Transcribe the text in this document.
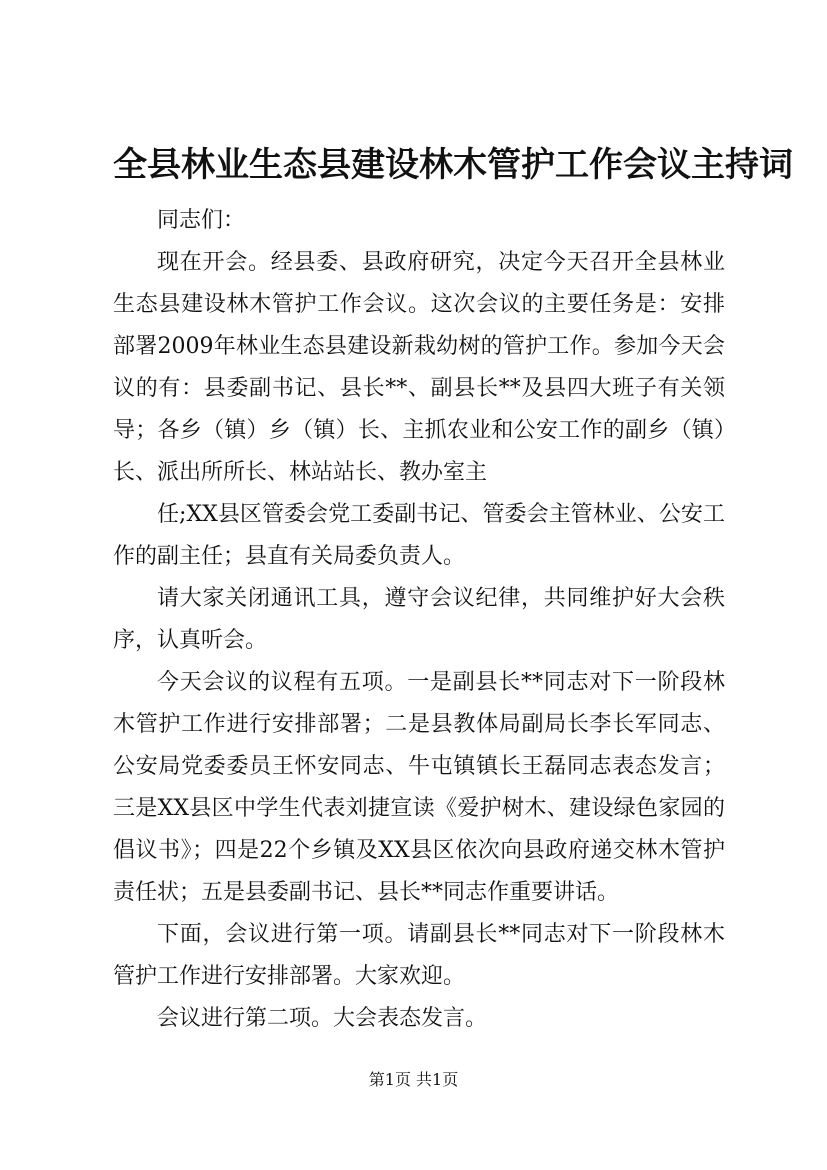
全县林业生态县建设林木管护工作会议主持词

同志们：

现在开会。经县委、县政府研究，决定今天召开全县林业生态县建设林木管护工作会议。这次会议的主要任务是：安排部署2009年林业生态县建设新栽幼树的管护工作。参加今天会议的有：县委副书记、县长**、副县长**及县四大班子有关领导；各乡（镇）乡（镇）长、主抓农业和公安工作的副乡（镇）长、派出所所长、林站站长、教办室主

任;XX县区管委会党工委副书记、管委会主管林业、公安工作的副主任；县直有关局委负责人。

请大家关闭通讯工具，遵守会议纪律，共同维护好大会秩序，认真听会。

今天会议的议程有五项。一是副县长**同志对下一阶段林木管护工作进行安排部署；二是县教体局副局长李长军同志、公安局党委委员王怀安同志、牛屯镇镇长王磊同志表态发言；三是XX县区中学生代表刘捷宣读《爱护树木、建设绿色家园的倡议书》；四是22个乡镇及XX县区依次向县政府递交林木管护责任状；五是县委副书记、县长**同志作重要讲话。

下面，会议进行第一项。请副县长**同志对下一阶段林木管护工作进行安排部署。大家欢迎。

会议进行第二项。大会表态发言。

第1页 共1页
